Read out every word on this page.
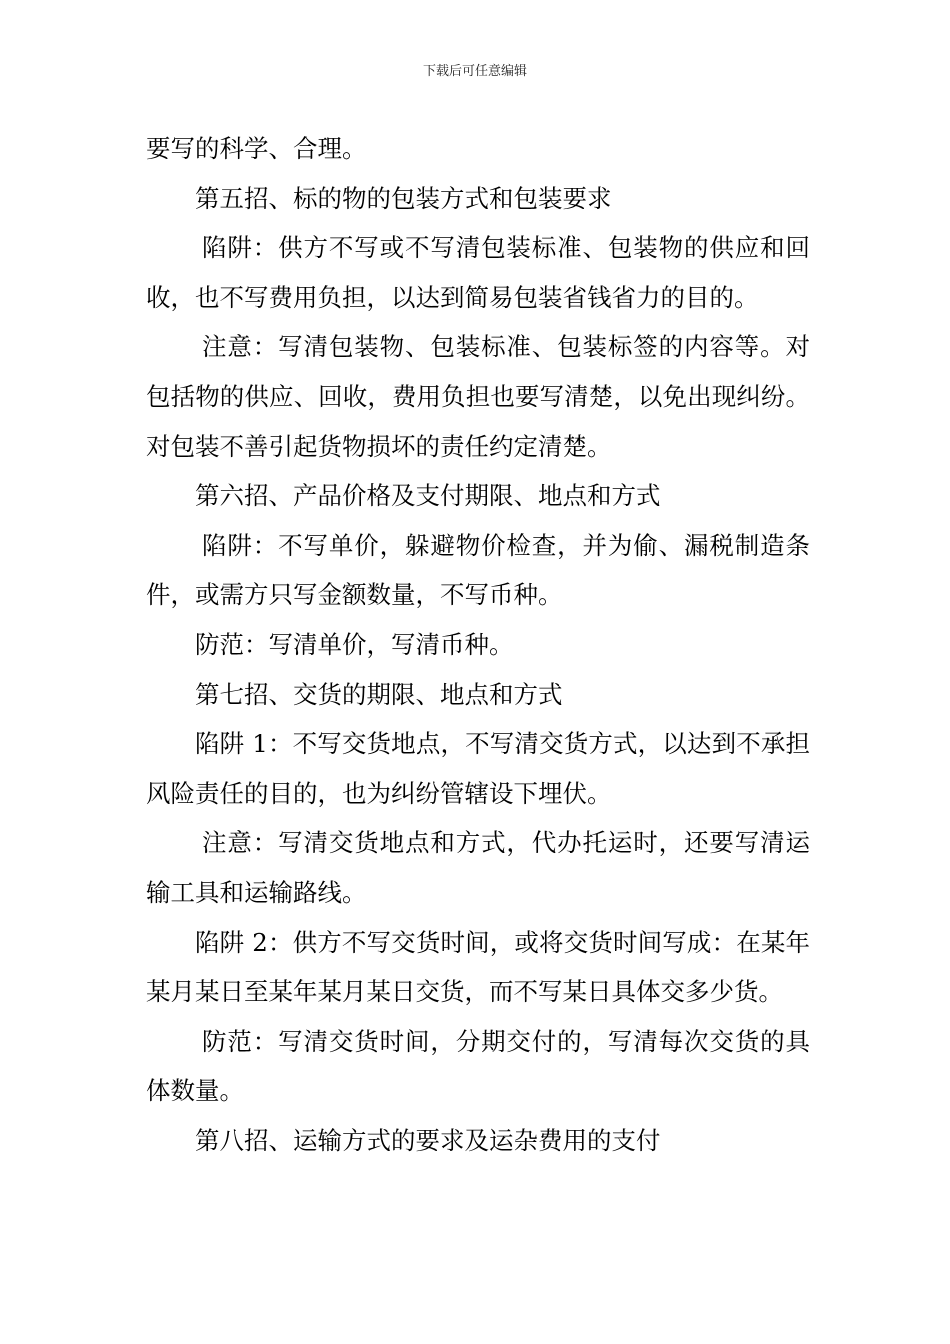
下载后可任意编辑

要写的科学、合理。

第五招、标的物的包装方式和包装要求

陷阱：供方不写或不写清包装标准、包装物的供应和回收，也不写费用负担，以达到简易包装省钱省力的目的。

注意：写清包装物、包装标准、包装标签的内容等。对包括物的供应、回收，费用负担也要写清楚，以免出现纠纷。对包装不善引起货物损坏的责任约定清楚。

第六招、产品价格及支付期限、地点和方式

陷阱：不写单价，躲避物价检查，并为偷、漏税制造条件，或需方只写金额数量，不写币种。

防范：写清单价，写清币种。

第七招、交货的期限、地点和方式

陷阱 1：不写交货地点，不写清交货方式，以达到不承担风险责任的目的，也为纠纷管辖设下埋伏。

注意：写清交货地点和方式，代办托运时，还要写清运输工具和运输路线。

陷阱 2：供方不写交货时间，或将交货时间写成：在某年某月某日至某年某月某日交货，而不写某日具体交多少货。

防范：写清交货时间，分期交付的，写清每次交货的具体数量。

第八招、运输方式的要求及运杂费用的支付
